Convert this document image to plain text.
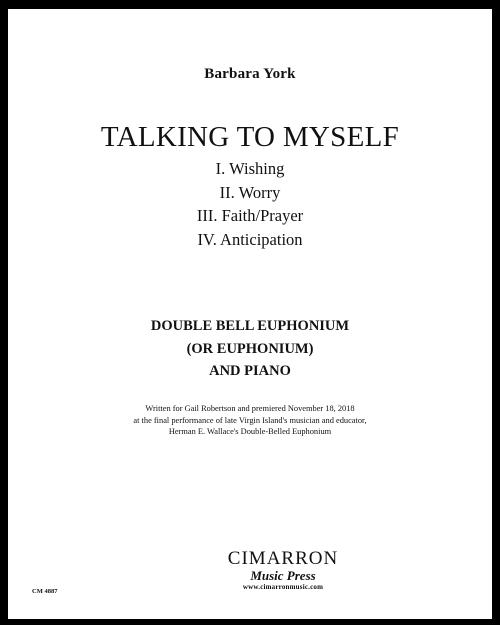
Barbara York
TALKING TO MYSELF
I. Wishing
II. Worry
III. Faith/Prayer
IV. Anticipation
DOUBLE BELL EUPHONIUM
(OR EUPHONIUM)
AND PIANO
Written for Gail Robertson and premiered November 18, 2018
at the final performance of late Virgin Island's musician and educator,
Herman E. Wallace's Double-Belled Euphonium
CM 4887
CIMARRON
Music Press
www.cimarronmusic.com
